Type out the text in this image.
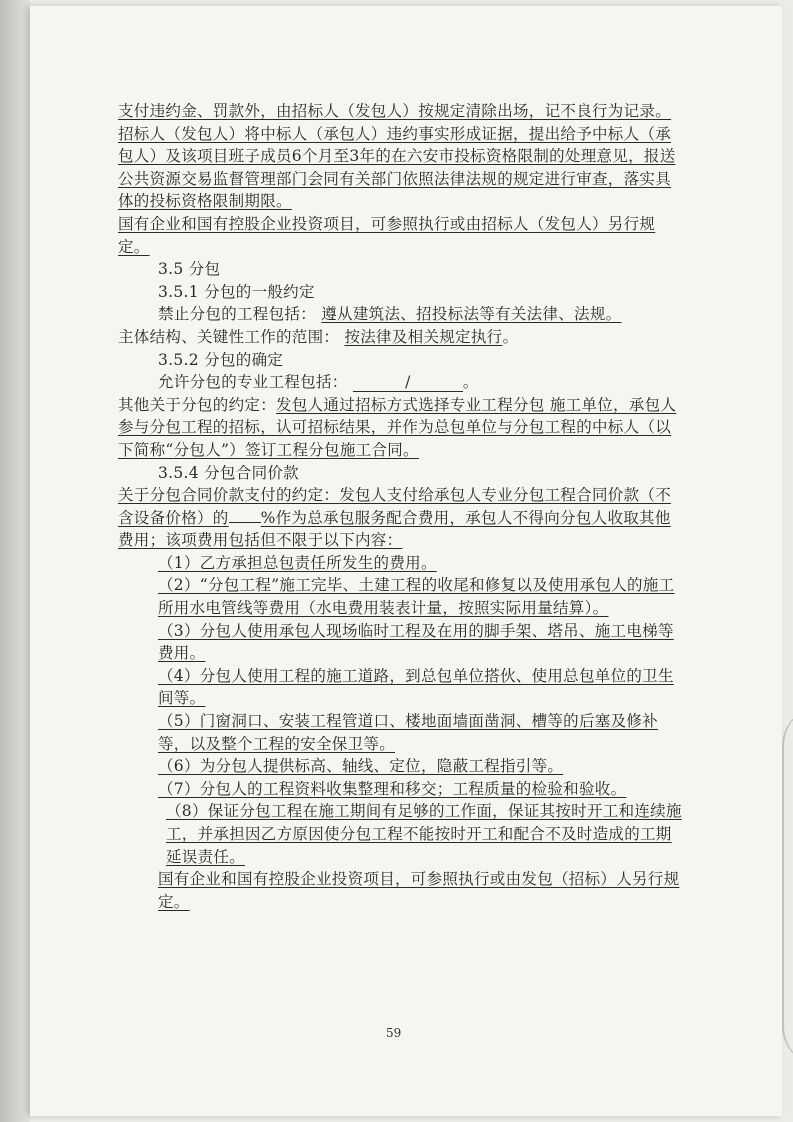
支付违约金、罚款外，由招标人（发包人）按规定清除出场，记不良行为记录。招标人（发包人）将中标人（承包人）违约事实形成证据，提出给予中标人（承包人）及该项目班子成员6个月至3年的在六安市投标资格限制的处理意见，报送公共资源交易监督管理部门会同有关部门依照法律法规的规定进行审查，落实具体的投标资格限制期限。

国有企业和国有控股企业投资项目，可参照执行或由招标人（发包人）另行规定。

3.5 分包

3.5.1 分包的一般约定

禁止分包的工程包括： 遵从建筑法、招投标法等有关法律、法规。

主体结构、关键性工作的范围： 按法律及相关规定执行。

3.5.2 分包的确定

允许分包的专业工程包括：	/	。

其他关于分包的约定：发包人通过招标方式选择专业工程分包 施工单位，承包人参与分包工程的招标，认可招标结果，并作为总包单位与分包工程的中标人（以下简称“分包人”）签订工程分包施工合同。

3.5.4 分包合同价款

关于分包合同价款支付的约定：发包人支付给承包人专业分包工程合同价款（不含设备价格）的 %作为总承包服务配合费用，承包人不得向分包人收取其他费用；该项费用包括但不限于以下内容：

（1）乙方承担总包责任所发生的费用。

（2）“分包工程”施工完毕、土建工程的收尾和修复以及使用承包人的施工所用水电管线等费用（水电费用装表计量，按照实际用量结算）。

（3）分包人使用承包人现场临时工程及在用的脚手架、塔吊、施工电梯等费用。

（4）分包人使用工程的施工道路，到总包单位搭伙、使用总包单位的卫生间等。

（5）门窗洞口、安装工程管道口、楼地面墙面凿洞、槽等的后塞及修补等，以及整个工程的安全保卫等。

（6）为分包人提供标高、轴线、定位，隐蔽工程指引等。

（7）分包人的工程资料收集整理和移交；工程质量的检验和验收。

（8）保证分包工程在施工期间有足够的工作面，保证其按时开工和连续施工，并承担因乙方原因使分包工程不能按时开工和配合不及时造成的工期延误责任。

国有企业和国有控股企业投资项目，可参照执行或由发包（招标）人另行规定。

59
